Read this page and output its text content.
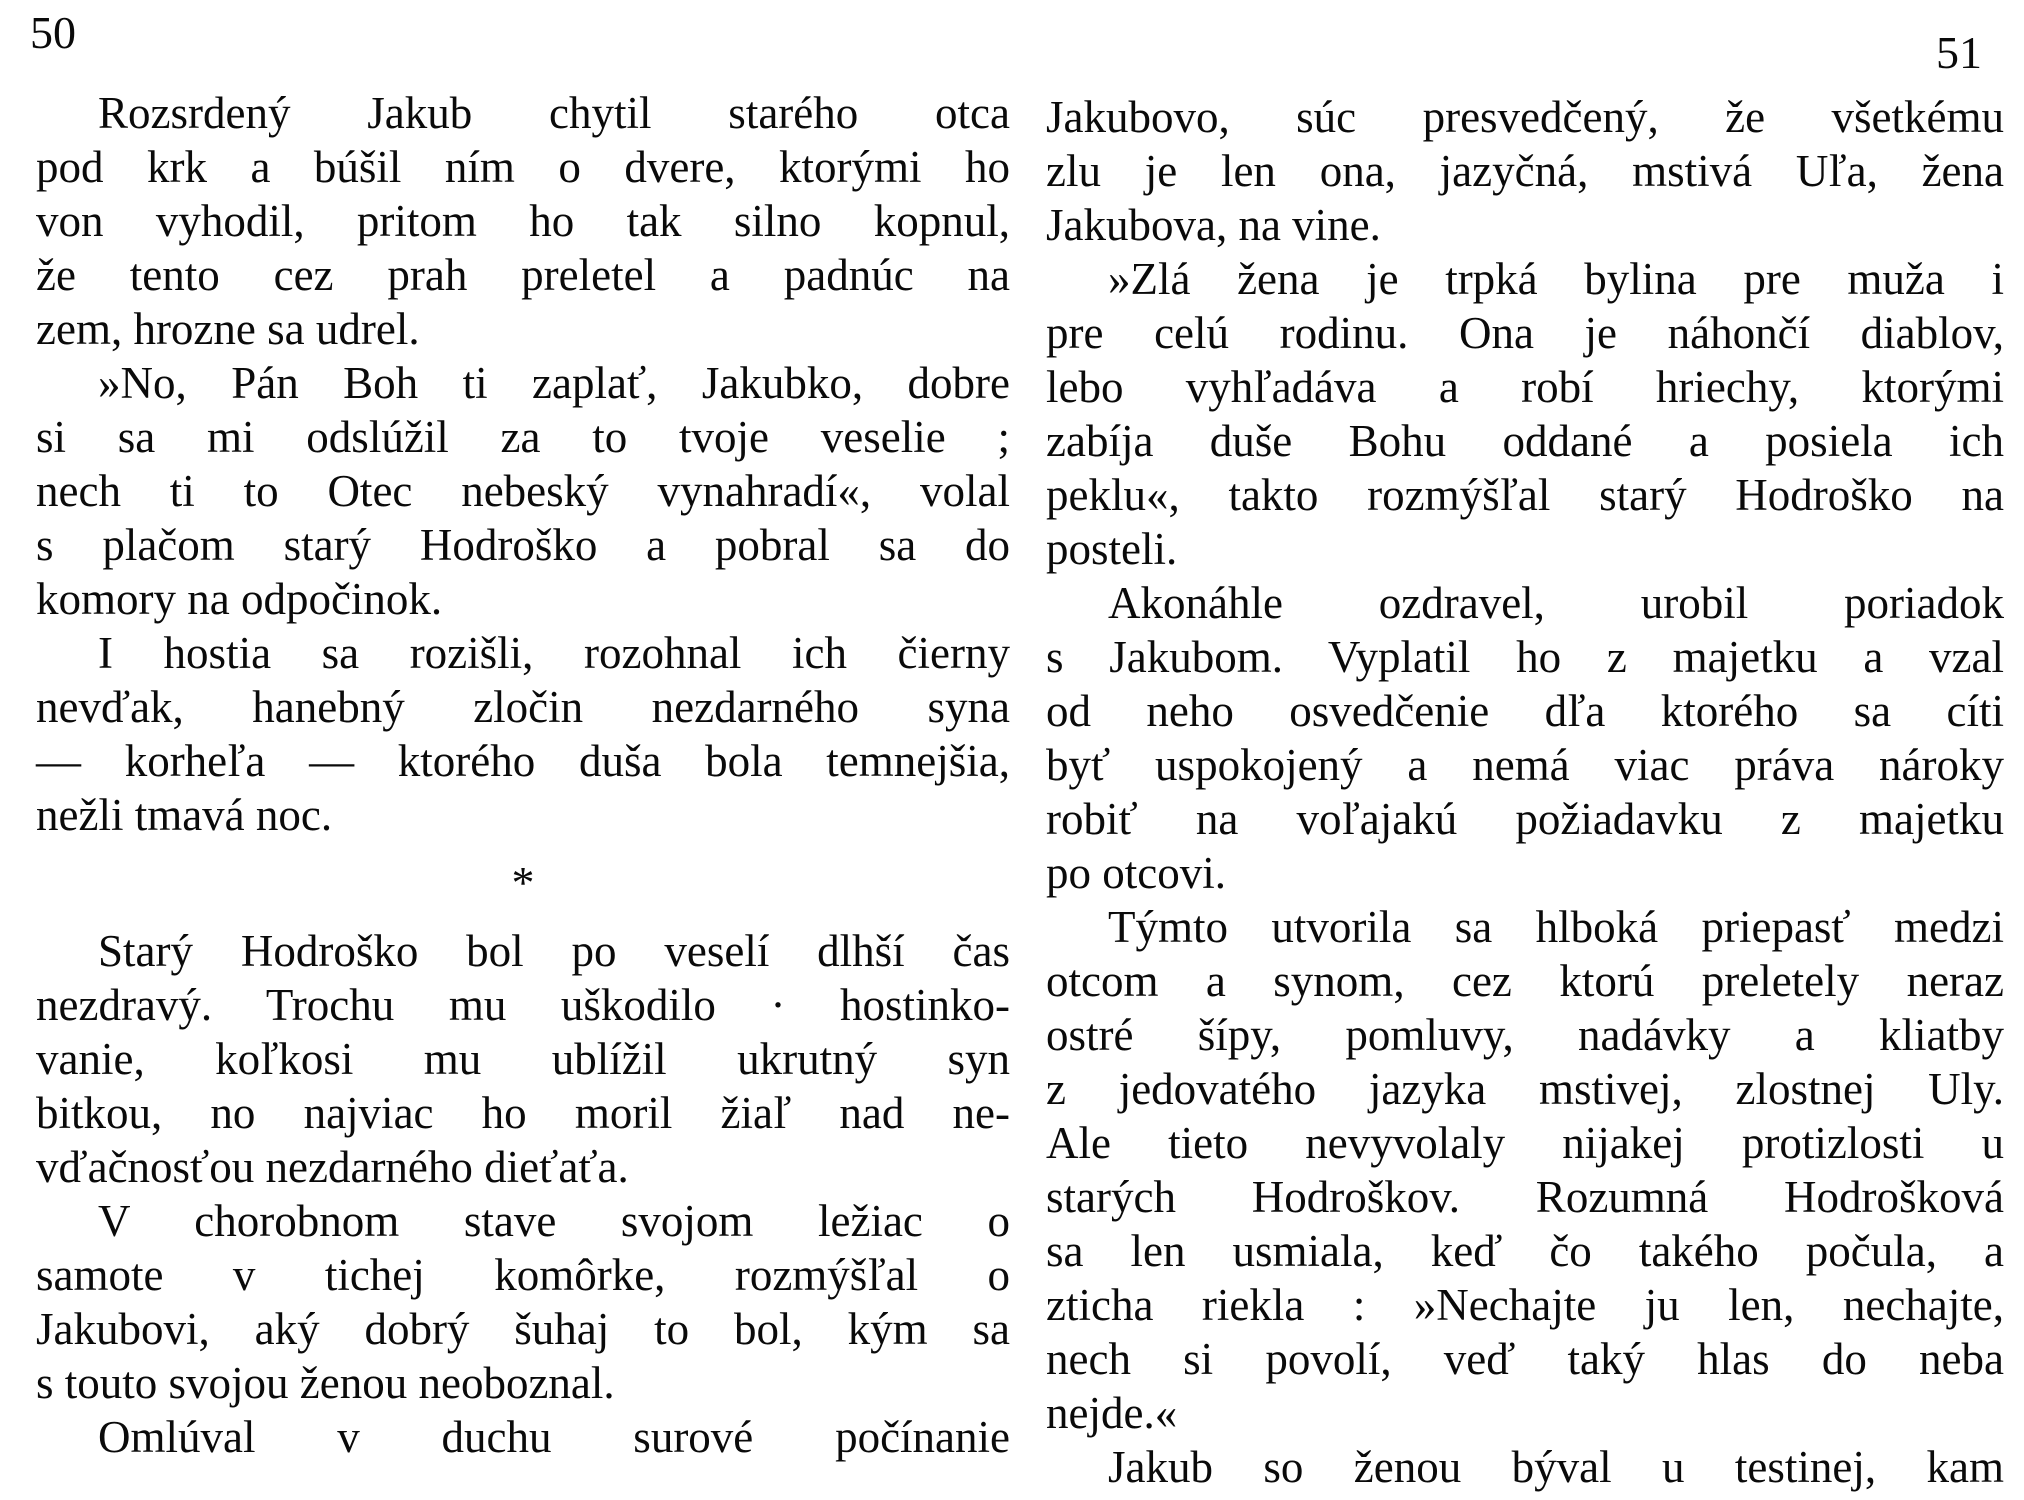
50	51
Rozsrdený Jakub chytil starého otca
pod krk a búšil ním o dvere, ktorými ho
von vyhodil, pritom ho tak silno kopnul,
že tento cez prah preletel a padnúc na
zem, hrozne sa udrel.
»No, Pán Boh ti zaplať, Jakubko, dobre
si sa mi odslúžil za to tvoje veselie ;
nech ti to Otec nebeský vynahradí«, volal
s plačom starý Hodroško a pobral sa do
komory na odpočinok.
I hostia sa rozišli, rozohnal ich čierny
nevďak, hanebný zločin nezdarného syna
— korheľa — ktorého duša bola temnejšia,
nežli tmavá noc.
*
Starý Hodroško bol po veselí dlhší čas
nezdravý. Trochu mu uškodilo · hostinko-
vanie, koľkosi mu ublížil ukrutný syn
bitkou, no najviac ho moril žiaľ nad ne-
vďačnosťou nezdarného dieťaťa.
V chorobnom stave svojom ležiac o
samote v tichej komôrke, rozmýšľal o
Jakubovi, aký dobrý šuhaj to bol, kým sa
s touto svojou ženou neoboznal.
Omlúval v duchu surové počínanie
Jakubovo, súc presvedčený, že všetkému
zlu je len ona, jazyčná, mstivá Uľa, žena
Jakubova, na vine.
»Zlá žena je trpká bylina pre muža i
pre celú rodinu. Ona je náhončí diablov,
lebo vyhľadáva a robí hriechy, ktorými
zabíja duše Bohu oddané a posiela ich
peklu«, takto rozmýšľal starý Hodroško na
posteli.
Akonáhle ozdravel, urobil poriadok
s Jakubom. Vyplatil ho z majetku a vzal
od neho osvedčenie dľa ktorého sa cíti
byť uspokojený a nemá viac práva nároky
robiť na voľajakú požiadavku z majetku
po otcovi.
Týmto utvorila sa hlboká priepasť medzi
otcom a synom, cez ktorú preletely neraz
ostré šípy, pomluvy, nadávky a kliatby
z jedovatého jazyka mstivej, zlostnej Uly.
Ale tieto nevyvolaly nijakej protizlosti u
starých Hodroškov. Rozumná Hodrošková
sa len usmiala, keď čo takého počula, a
zticha riekla : »Nechajte ju len, nechajte,
nech si povolí, veď taký hlas do neba
nejde.«
Jakub so ženou býval u testinej, kam
